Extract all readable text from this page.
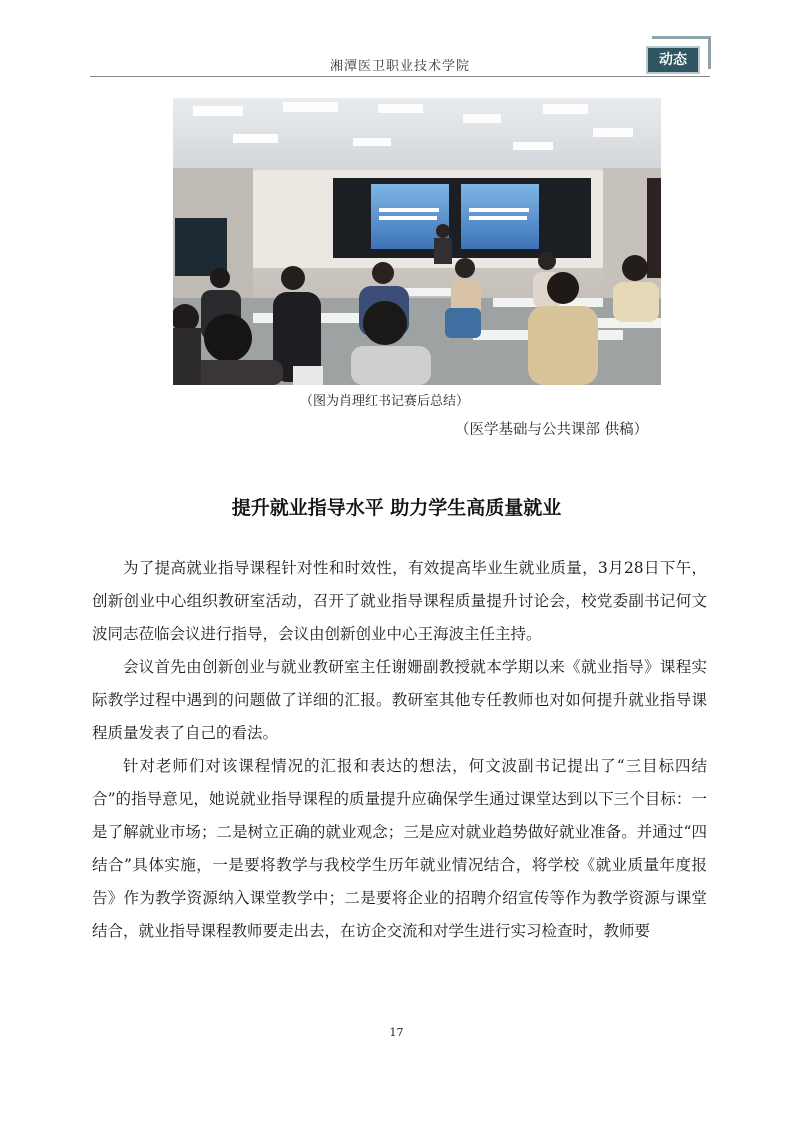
湘潭医卫职业技术学院	动态
（图为肖理红书记赛后总结）
（医学基础与公共课部 供稿）
提升就业指导水平 助力学生高质量就业

为了提高就业指导课程针对性和时效性，有效提高毕业生就业质量，3月28日下午，创新创业中心组织教研室活动，召开了就业指导课程质量提升讨论会，校党委副书记何文波同志莅临会议进行指导，会议由创新创业中心王海波主任主持。

会议首先由创新创业与就业教研室主任谢姗副教授就本学期以来《就业指导》课程实际教学过程中遇到的问题做了详细的汇报。教研室其他专任教师也对如何提升就业指导课程质量发表了自己的看法。

针对老师们对该课程情况的汇报和表达的想法，何文波副书记提出了“三目标四结合”的指导意见，她说就业指导课程的质量提升应确保学生通过课堂达到以下三个目标：一是了解就业市场；二是树立正确的就业观念；三是应对就业趋势做好就业准备。并通过“四结合”具体实施，一是要将教学与我校学生历年就业情况结合，将学校《就业质量年度报告》作为教学资源纳入课堂教学中；二是要将企业的招聘介绍宣传等作为教学资源与课堂结合，就业指导课程教师要走出去，在访企交流和对学生进行实习检查时，教师要

17
